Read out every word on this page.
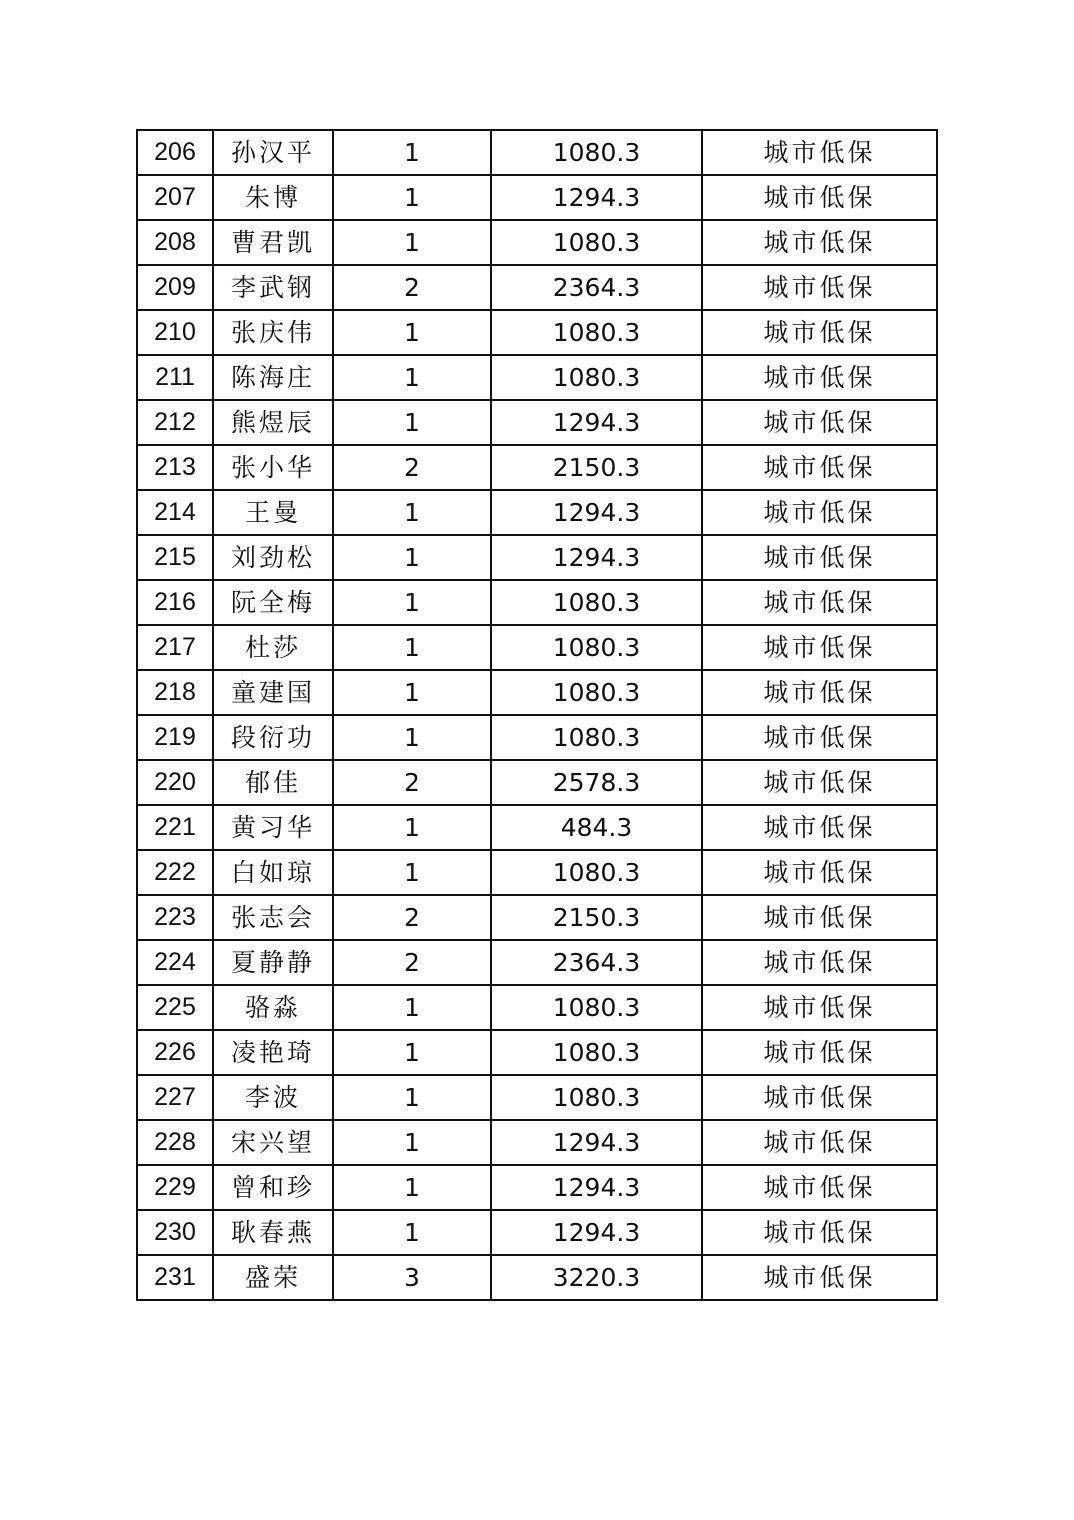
206	孙汉平	1	1080.3	城市低保
207	朱博	1	1294.3	城市低保
208	曹君凯	1	1080.3	城市低保
209	李武钢	2	2364.3	城市低保
210	张庆伟	1	1080.3	城市低保
211	陈海庄	1	1080.3	城市低保
212	熊煜辰	1	1294.3	城市低保
213	张小华	2	2150.3	城市低保
214	王曼	1	1294.3	城市低保
215	刘劲松	1	1294.3	城市低保
216	阮全梅	1	1080.3	城市低保
217	杜莎	1	1080.3	城市低保
218	童建国	1	1080.3	城市低保
219	段衍功	1	1080.3	城市低保
220	郁佳	2	2578.3	城市低保
221	黄习华	1	484.3	城市低保
222	白如琼	1	1080.3	城市低保
223	张志会	2	2150.3	城市低保
224	夏静静	2	2364.3	城市低保
225	骆淼	1	1080.3	城市低保
226	凌艳琦	1	1080.3	城市低保
227	李波	1	1080.3	城市低保
228	宋兴望	1	1294.3	城市低保
229	曾和珍	1	1294.3	城市低保
230	耿春燕	1	1294.3	城市低保
231	盛荣	3	3220.3	城市低保
